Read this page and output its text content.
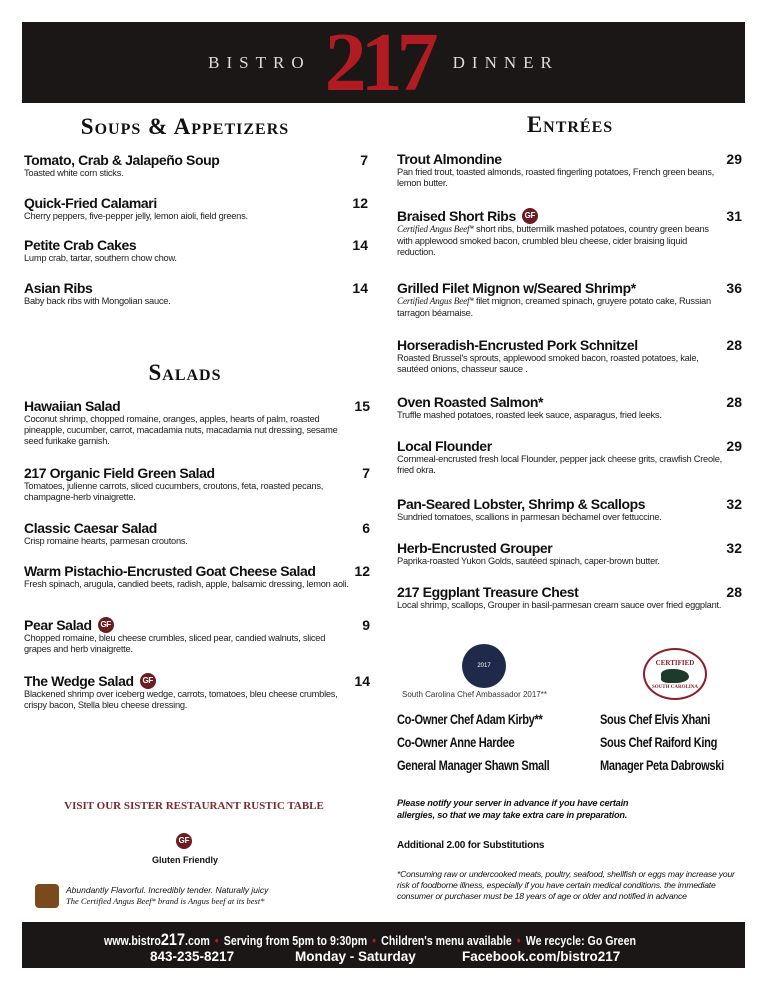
BISTRO 217	DINNER
Soups & Appetizers
Salads
Entrées
Tomato, Crab & Jalapeño Soup	7
Toasted white corn sticks.
Quick-Fried Calamari	12
Cherry peppers, five-pepper jelly, lemon aioli, field greens.
Petite Crab Cakes	14
Lump crab, tartar, southern chow chow.
Asian Ribs	14
Baby back ribs with Mongolian sauce.
Hawaiian Salad	15
Coconut shrimp, chopped romaine, oranges, apples, hearts of palm, roasted pineapple, cucumber, carrot, macadamia nuts, macadamia nut dressing, sesame seed furikake garnish.
217 Organic Field Green Salad	7
Tomatoes, julienne carrots, sliced cucumbers, croutons, feta, roasted pecans, champagne-herb vinaigrette.
Classic Caesar Salad	6
Crisp romaine hearts, parmesan croutons.
Warm Pistachio-Encrusted Goat Cheese Salad	12
Fresh spinach, arugula, candied beets, radish, apple, balsamic dressing, lemon aoli.
Pear Salad	GF	9
Chopped romaine, bleu cheese crumbles, sliced pear, candied walnuts, sliced grapes and herb vinaigrette.
The Wedge Salad	GF	14
Blackened shrimp over iceberg wedge, carrots, tomatoes, bleu cheese crumbles, crispy bacon, Stella bleu cheese dressing.
Trout Almondine	29
Pan fried trout, toasted almonds, roasted fingerling potatoes, French green beans, lemon butter.
Braised Short Ribs	GF	31
Certified Angus Beef* short ribs, buttermilk mashed potatoes, country green beans with applewood smoked bacon, crumbled bleu cheese, cider braising liquid reduction.
Grilled Filet Mignon w/Seared Shrimp*	36
Certified Angus Beef* filet mignon, creamed spinach, gruyere potato cake, Russian tarragon béarnaise.
Horseradish-Encrusted Pork Schnitzel	28
Roasted Brussel's sprouts, applewood smoked bacon, roasted potatoes, kale, sautéed onions, chasseur sauce .
Oven Roasted Salmon*	28
Truffle mashed potatoes, roasted leek sauce, asparagus, fried leeks.
Local Flounder	29
Cornmeal-encrusted fresh local Flounder, pepper jack cheese grits, crawfish Creole, fried okra.
Pan-Seared Lobster, Shrimp & Scallops	32
Sundried tomatoes, scallions in parmesan béchamel over fettuccine.
Herb-Encrusted Grouper	32
Paprika-roasted Yukon Golds, sautéed spinach, caper-brown butter.
217 Eggplant Treasure Chest	28
Local shrimp, scallops, Grouper in basil-parmesan cream sauce over fried eggplant.
2017
South Carolina Chef Ambassador 2017**
CERTIFIED
SOUTH CAROLINA
Co-Owner Chef Adam Kirby**	Sous Chef Elvis Xhani
Co-Owner Anne Hardee	Sous Chef Raiford King
General Manager Shawn Small	Manager Peta Dabrowski
Please notify your server in advance if you have certain allergies, so that we may take extra care in preparation.
Additional 2.00 for Substitutions
*Consuming raw or undercooked meats, poultry, seafood, shellfish or eggs may increase your risk of foodborne illness, especially if you have certain medical conditions. the immediate consumer or purchaser must be 18 years of age or older and notified in advance
VISIT OUR SISTER RESTAURANT RUSTIC TABLE
GF
Gluten Friendly
Abundantly Flavorful. Incredibly tender. Naturally juicy
The Certified Angus Beef* brand is Angus beef at its best*
www.bistro217.com • Serving from 5pm to 9:30pm • Children's menu available • We recycle: Go Green
843-235-8217	Monday - Saturday	Facebook.com/bistro217
